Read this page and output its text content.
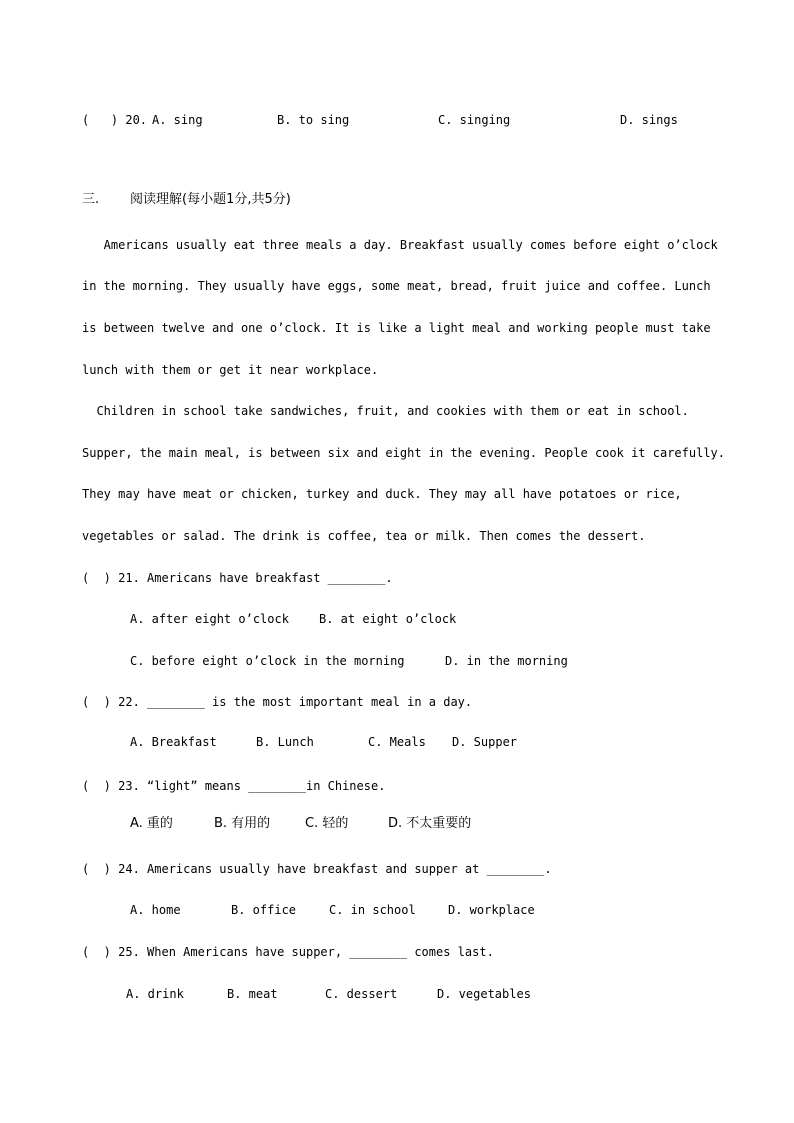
(   ) 20. A. sing	B. to sing	C. singing	D. sings
三. 阅读理解(每小题1分,共5分)
Americans usually eat three meals a day. Breakfast usually comes before eight o’clock
in the morning. They usually have eggs, some meat, bread, fruit juice and coffee. Lunch
is between twelve and one o’clock. It is like a light meal and working people must take
lunch with them or get it near workplace.
Children in school take sandwiches, fruit, and cookies with them or eat in school.
Supper, the main meal, is between six and eight in the evening. People cook it carefully.
They may have meat or chicken, turkey and duck. They may all have potatoes or rice,
vegetables or salad. The drink is coffee, tea or milk. Then comes the dessert.
(  ) 21. Americans have breakfast ________.
A. after eight o’clock	B. at eight o’clock
C. before eight o’clock in the morning	D. in the morning
(  ) 22. ________ is the most important meal in a day.
A. Breakfast	B. Lunch	C. Meals D. Supper
(  ) 23. “light” means ________in Chinese.
A. 重的	B. 有用的	C. 轻的	D. 不太重要的
(  ) 24. Americans usually have breakfast and supper at ________.
A. home	B. office	C. in school	D. workplace
(  ) 25. When Americans have supper, ________ comes last.
A. drink	B. meat	C. dessert	D. vegetables
